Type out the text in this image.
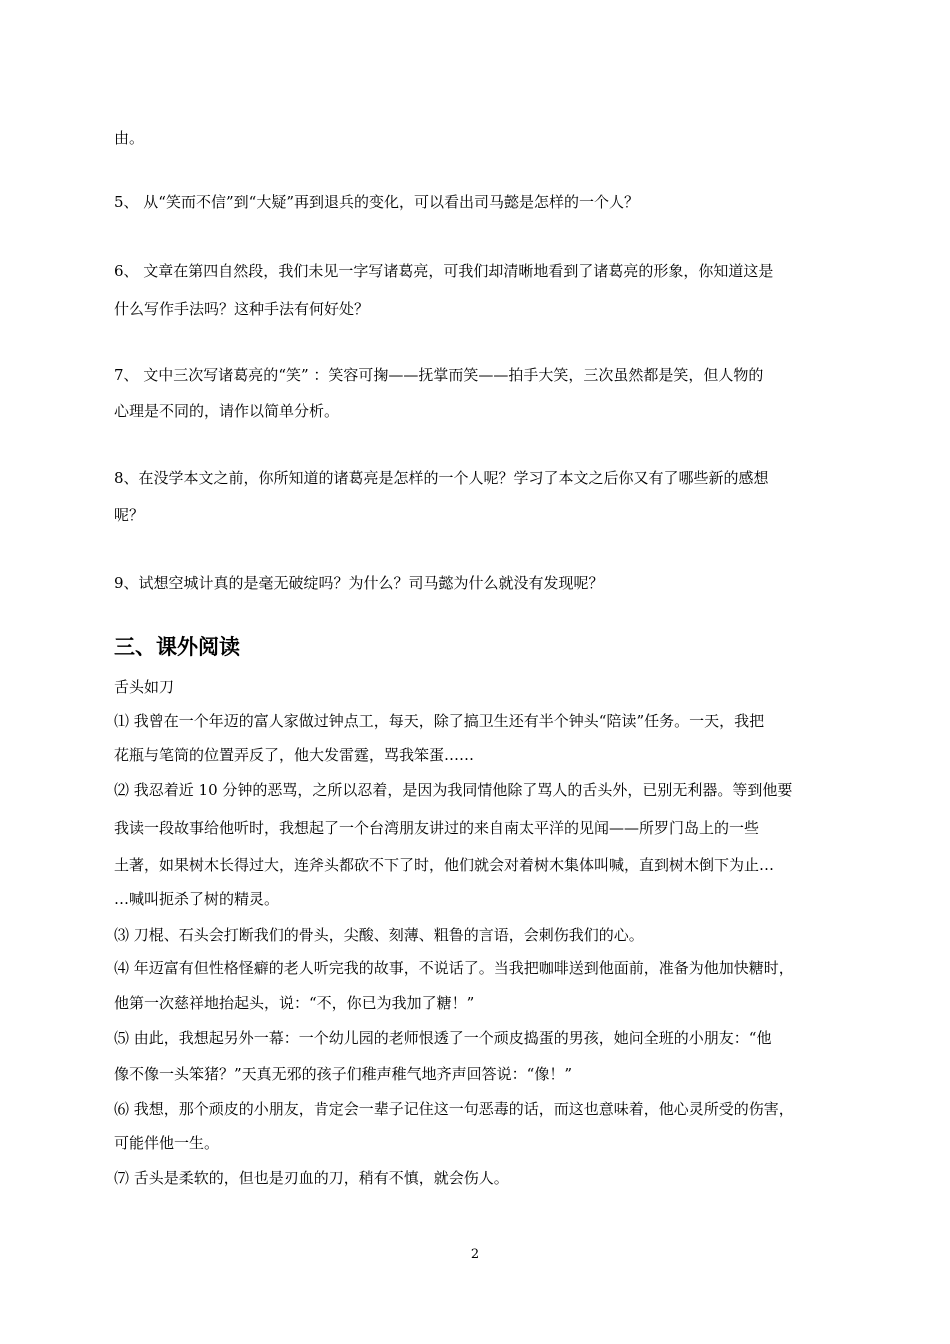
由。
5、 从“笑而不信”到“大疑”再到退兵的变化，可以看出司马懿是怎样的一个人？
6、 文章在第四自然段，我们未见一字写诸葛亮，可我们却清晰地看到了诸葛亮的形象，你知道这是
什么写作手法吗？这种手法有何好处？
7、 文中三次写诸葛亮的“笑” ：笑容可掬——抚掌而笑——拍手大笑，三次虽然都是笑，但人物的
心理是不同的，请作以简单分析。
8、在没学本文之前，你所知道的诸葛亮是怎样的一个人呢？学习了本文之后你又有了哪些新的感想
呢？
9、试想空城计真的是毫无破绽吗？为什么？司马懿为什么就没有发现呢？
三、课外阅读
舌头如刀
⑴ 我曾在一个年迈的富人家做过钟点工，每天，除了搞卫生还有半个钟头“陪读”任务。一天，我把
花瓶与笔筒的位置弄反了，他大发雷霆，骂我笨蛋……
⑵ 我忍着近 10 分钟的恶骂，之所以忍着，是因为我同情他除了骂人的舌头外，已别无利器。等到他要
我读一段故事给他听时，我想起了一个台湾朋友讲过的来自南太平洋的见闻——所罗门岛上的一些
土著，如果树木长得过大，连斧头都砍不下了时，他们就会对着树木集体叫喊，直到树木倒下为止…
…喊叫扼杀了树的精灵。
⑶ 刀棍、石头会打断我们的骨头，尖酸、刻薄、粗鲁的言语，会刺伤我们的心。
⑷ 年迈富有但性格怪癖的老人听完我的故事，不说话了。当我把咖啡送到他面前，准备为他加快糖时，
他第一次慈祥地抬起头，说：“不，你已为我加了糖！”
⑸ 由此，我想起另外一幕：一个幼儿园的老师恨透了一个顽皮捣蛋的男孩，她问全班的小朋友：“他
像不像一头笨猪？”天真无邪的孩子们稚声稚气地齐声回答说：“像！”
⑹ 我想，那个顽皮的小朋友，肯定会一辈子记住这一句恶毒的话，而这也意味着，他心灵所受的伤害，
可能伴他一生。
⑺ 舌头是柔软的，但也是刃血的刀，稍有不慎，就会伤人。
2
